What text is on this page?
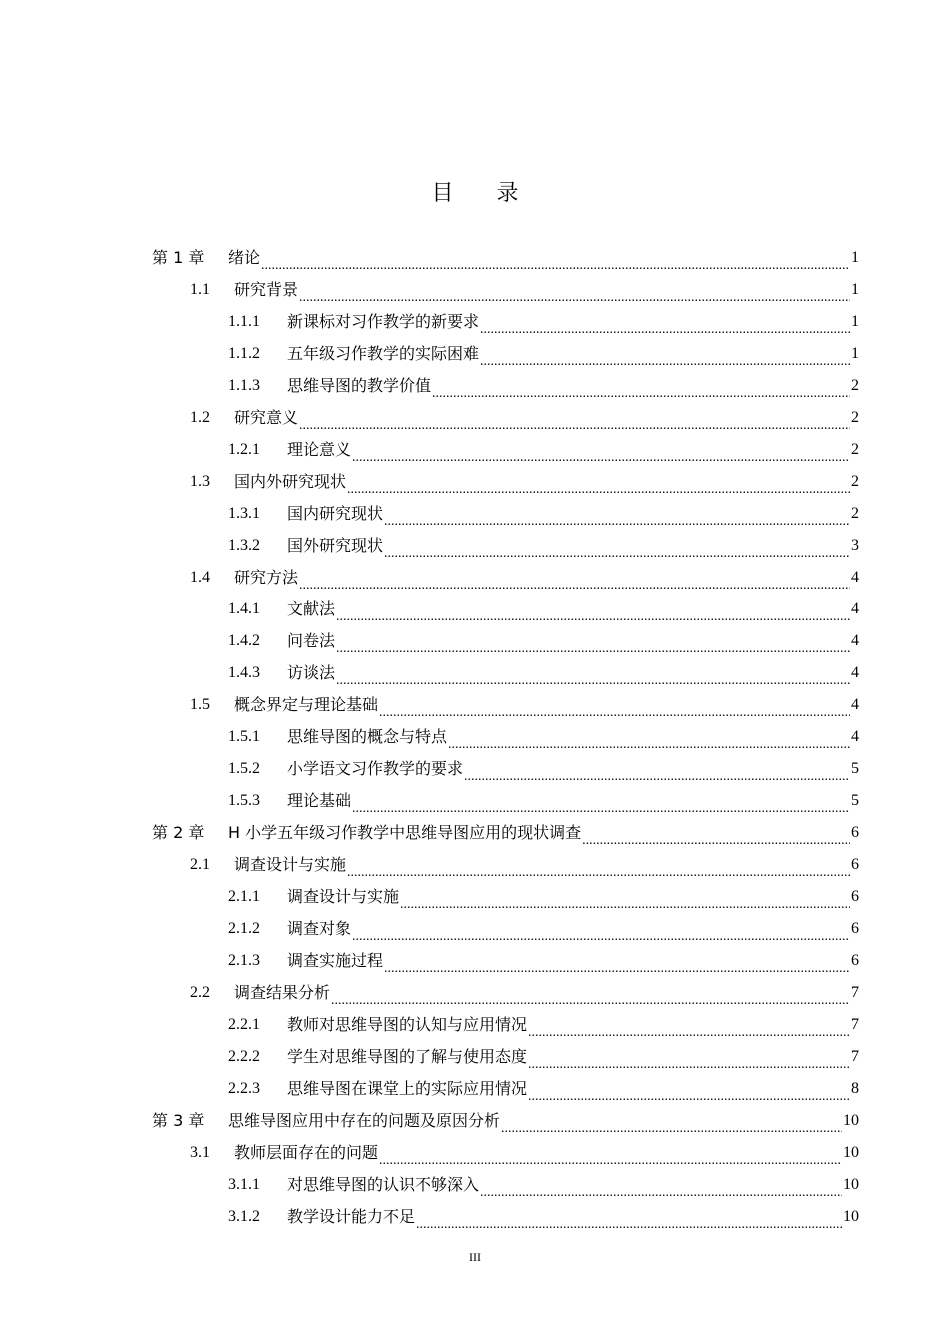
目 录
第 1 章	绪论 .....	1
1.1	研究背景 .....	1
1.1.1	新课标对习作教学的新要求 .....	1
1.1.2	五年级习作教学的实际困难 .....	1
1.1.3	思维导图的教学价值 .....	2
1.2	研究意义 .....	2
1.2.1	理论意义 .....	2
1.3	国内外研究现状 .....	2
1.3.1	国内研究现状 .....	2
1.3.2	国外研究现状 .....	3
1.4	研究方法 .....	4
1.4.1	文献法 .....	4
1.4.2	问卷法 .....	4
1.4.3	访谈法 .....	4
1.5	概念界定与理论基础 .....	4
1.5.1	思维导图的概念与特点 .....	4
1.5.2	小学语文习作教学的要求 .....	5
1.5.3	理论基础 .....	5
第 2 章	H 小学五年级习作教学中思维导图应用的现状调查 .....	6
2.1	调查设计与实施 .....	6
2.1.1	调查设计与实施 .....	6
2.1.2	调查对象 .....	6
2.1.3	调查实施过程 .....	6
2.2	调查结果分析 .....	7
2.2.1	教师对思维导图的认知与应用情况 .....	7
2.2.2	学生对思维导图的了解与使用态度 .....	7
2.2.3	思维导图在课堂上的实际应用情况 .....	8
第 3 章	思维导图应用中存在的问题及原因分析 .....	10
3.1	教师层面存在的问题 .....	10
3.1.1	对思维导图的认识不够深入 .....	10
3.1.2	教学设计能力不足 .....	10
III
